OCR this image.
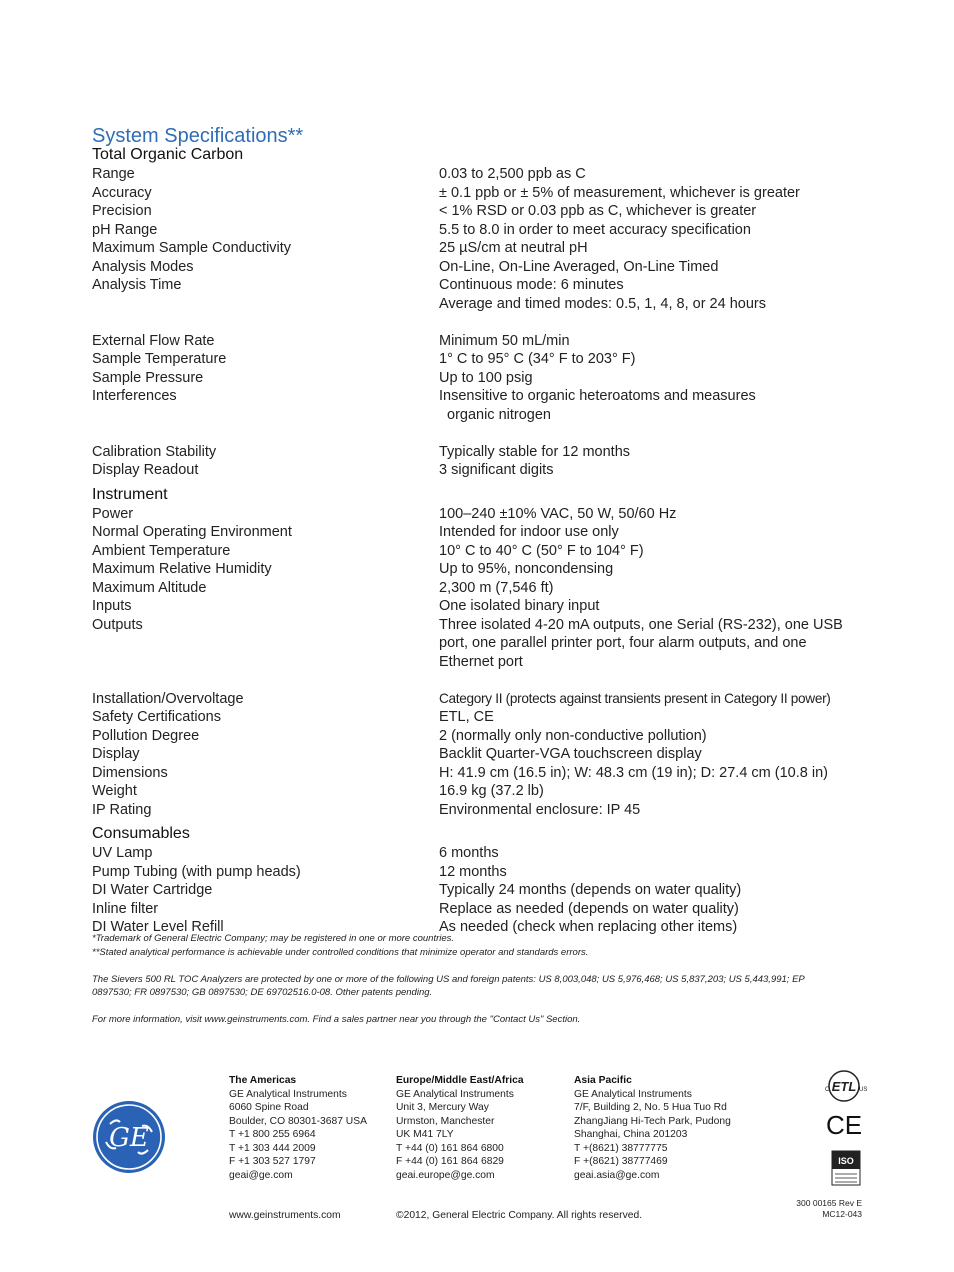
System Specifications**
Total Organic Carbon
Range	0.03 to 2,500 ppb as C
Accuracy	± 0.1 ppb or ± 5% of measurement, whichever is greater
Precision	< 1% RSD or 0.03 ppb as C, whichever is greater
pH Range	5.5 to 8.0 in order to meet accuracy specification
Maximum Sample Conductivity	25 µS/cm at neutral pH
Analysis Modes	On-Line, On-Line Averaged, On-Line Timed
Analysis Time	Continuous mode: 6 minutes
Average and timed modes: 0.5, 1, 4, 8, or 24 hours
External Flow Rate	Minimum 50 mL/min
Sample Temperature	1° C to 95° C (34° F to 203° F)
Sample Pressure	Up to 100 psig
Interferences	Insensitive to organic heteroatoms and measures
organic nitrogen
Calibration Stability	Typically stable for 12 months
Display Readout	3 significant digits
Instrument
Power	100–240 ±10% VAC, 50 W, 50/60 Hz
Normal Operating Environment	Intended for indoor use only
Ambient Temperature	10° C to 40° C (50° F to 104° F)
Maximum Relative Humidity	Up to 95%, noncondensing
Maximum Altitude	2,300 m (7,546 ft)
Inputs	One isolated binary input
Outputs	Three isolated 4-20 mA outputs, one Serial (RS-232), one USB
port, one parallel printer port, four alarm outputs, and one
Ethernet port
Installation/Overvoltage	Category II (protects against transients present in Category II power)
Safety Certifications	ETL, CE
Pollution Degree	2 (normally only non-conductive pollution)
Display	Backlit Quarter-VGA touchscreen display
Dimensions	H: 41.9 cm (16.5 in); W: 48.3 cm (19 in); D: 27.4 cm (10.8 in)
Weight	16.9 kg (37.2 lb)
IP Rating	Environmental enclosure: IP 45
Consumables
UV Lamp	6 months
Pump Tubing (with pump heads)	12 months
DI Water Cartridge	Typically 24 months (depends on water quality)
Inline filter	Replace as needed (depends on water quality)
DI Water Level Refill	As needed (check when replacing other items)

*Trademark of General Electric Company; may be registered in one or more countries.

**Stated analytical performance is achievable under controlled conditions that minimize operator and standards errors.

The Sievers 500 RL TOC Analyzers are protected by one or more of the following US and foreign patents: US 8,003,048; US 5,976,468; US 5,837,203; US 5,443,991; EP 0897530; FR 0897530; GB 0897530; DE 69702516.0-08. Other patents pending.

For more information, visit www.geinstruments.com. Find a sales partner near you through the "Contact Us" Section.

GE
The Americas
GE Analytical Instruments
6060 Spine Road
Boulder, CO 80301-3687 USA
T +1 800 255 6964
T +1 303 444 2009
F +1 303 527 1797
geai@ge.com
Europe/Middle East/Africa
GE Analytical Instruments
Unit 3, Mercury Way
Urmston, Manchester
UK M41 7LY
T +44 (0) 161 864 6800
F +44 (0) 161 864 6829
geai.europe@ge.com
Asia Pacific
GE Analytical Instruments
7/F, Building 2, No. 5 Hua Tuo Rd
ZhangJiang Hi-Tech Park, Pudong
Shanghai, China 201203
T +(8621) 38777775
F +(8621) 38777469
geai.asia@ge.com
ETL
C	US
CE
ISO
300 00165 Rev E
MC12-043
www.geinstruments.com	©2012, General Electric Company. All rights reserved.
